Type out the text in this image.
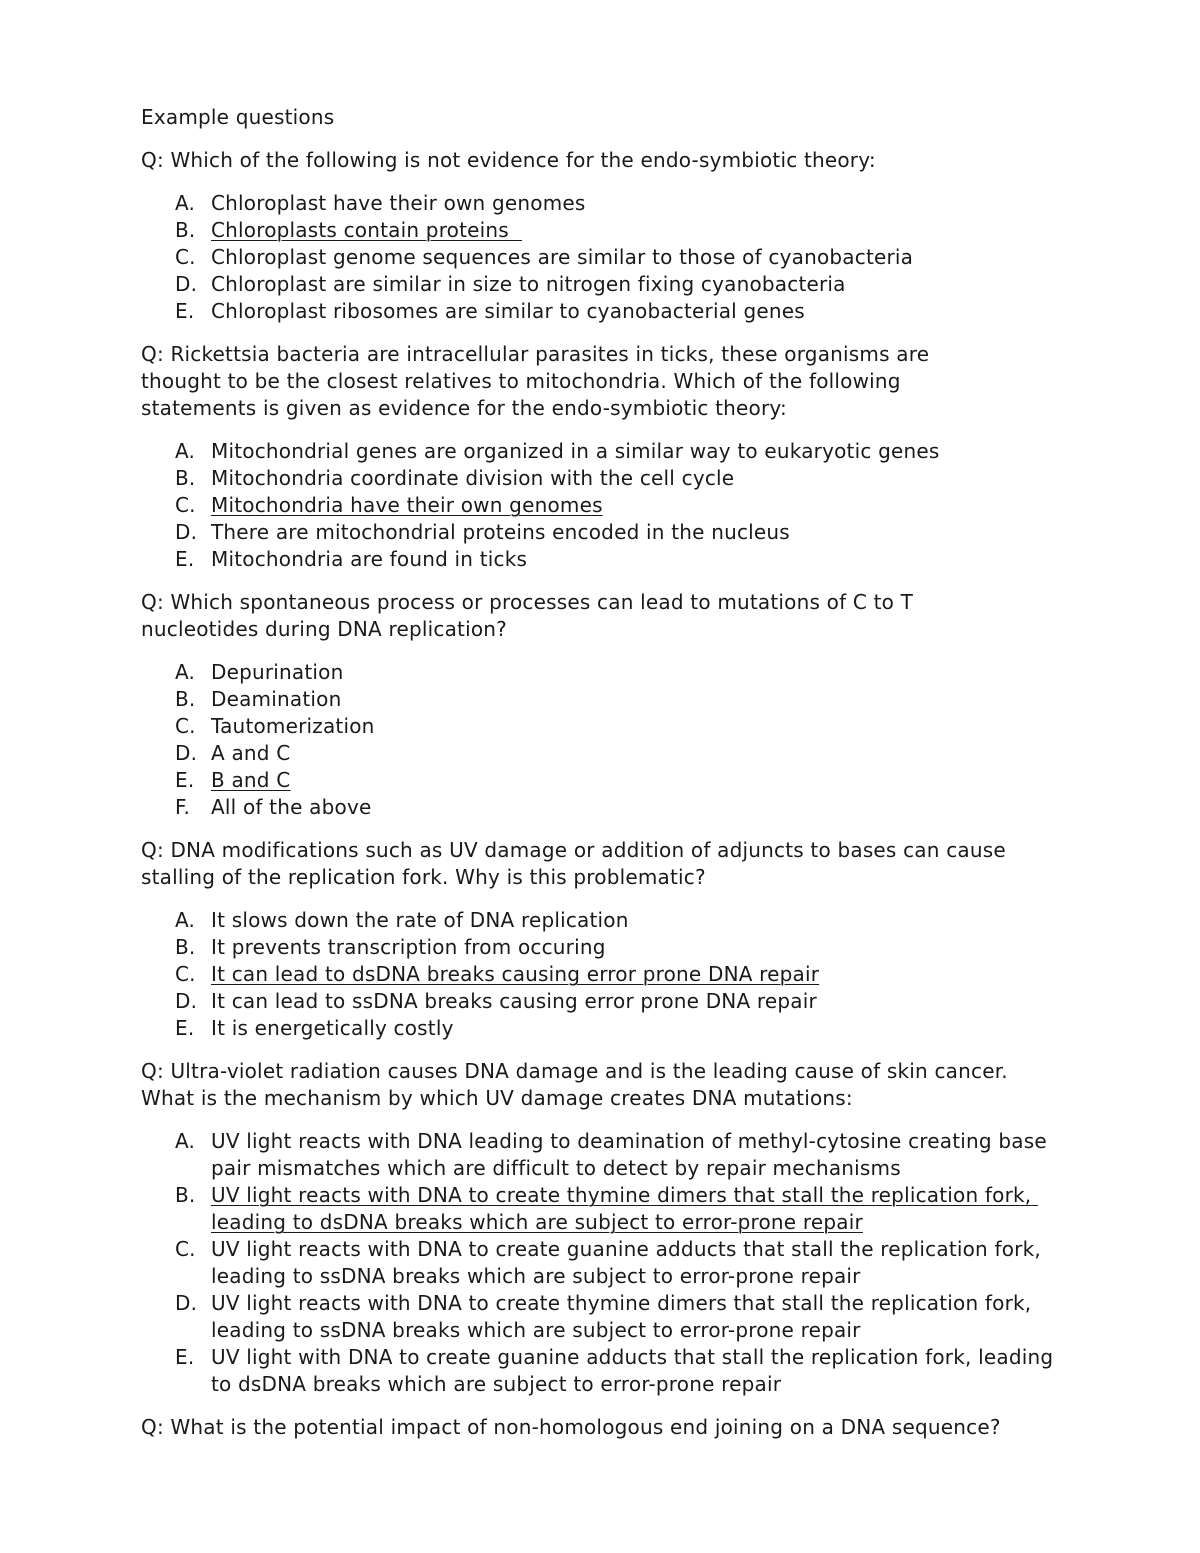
Example questions
Q: Which of the following is not evidence for the endo-symbiotic theory:
A. Chloroplast have their own genomes
B. Chloroplasts contain proteins
C. Chloroplast genome sequences are similar to those of cyanobacteria
D. Chloroplast are similar in size to nitrogen fixing cyanobacteria
E. Chloroplast ribosomes are similar to cyanobacterial genes
Q: Rickettsia bacteria are intracellular parasites in ticks, these organisms are
thought to be the closest relatives to mitochondria. Which of the following
statements is given as evidence for the endo-symbiotic theory:
A. Mitochondrial genes are organized in a similar way to eukaryotic genes
B. Mitochondria coordinate division with the cell cycle
C. Mitochondria have their own genomes
D. There are mitochondrial proteins encoded in the nucleus
E. Mitochondria are found in ticks
Q: Which spontaneous process or processes can lead to mutations of C to T
nucleotides during DNA replication?
A. Depurination
B. Deamination
C. Tautomerization
D. A and C
E. B and C
F.	All of the above
Q: DNA modifications such as UV damage or addition of adjuncts to bases can cause
stalling of the replication fork. Why is this problematic?
A. It slows down the rate of DNA replication
B. It prevents transcription from occuring
C. It can lead to dsDNA breaks causing error prone DNA repair
D. It can lead to ssDNA breaks causing error prone DNA repair
E. It is energetically costly
Q: Ultra-violet radiation causes DNA damage and is the leading cause of skin cancer.
What is the mechanism by which UV damage creates DNA mutations:
A. UV light reacts with DNA leading to deamination of methyl-cytosine creating base pair mismatches which are difficult to detect by repair mechanisms
B. UV light reacts with DNA to create thymine dimers that stall the replication fork, leading to dsDNA breaks which are subject to error-prone repair
C. UV light reacts with DNA to create guanine adducts that stall the replication fork, leading to ssDNA breaks which are subject to error-prone repair
D. UV light reacts with DNA to create thymine dimers that stall the replication fork, leading to ssDNA breaks which are subject to error-prone repair
E. UV light with DNA to create guanine adducts that stall the replication fork, leading to dsDNA breaks which are subject to error-prone repair
Q: What is the potential impact of non-homologous end joining on a DNA sequence?
